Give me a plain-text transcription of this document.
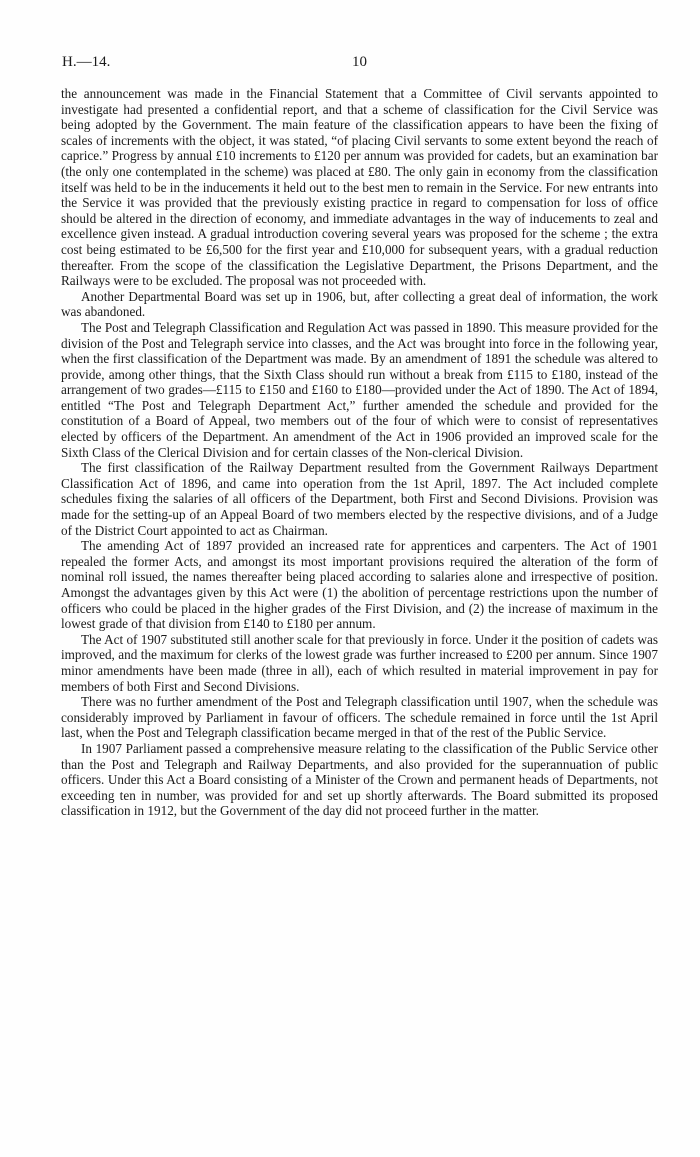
H.—14.	10

the announcement was made in the Financial Statement that a Committee of Civil servants appointed to investigate had presented a confidential report, and that a scheme of classification for the Civil Service was being adopted by the Government. The main feature of the classification appears to have been the fixing of scales of increments with the object, it was stated, “of placing Civil servants to some extent beyond the reach of caprice.” Progress by annual £10 increments to £120 per annum was provided for cadets, but an examination bar (the only one contemplated in the scheme) was placed at £80. The only gain in economy from the classification itself was held to be in the inducements it held out to the best men to remain in the Service. For new entrants into the Service it was provided that the previously existing practice in regard to compensation for loss of office should be altered in the direction of economy, and immediate advantages in the way of inducements to zeal and excellence given instead. A gradual introduction covering several years was proposed for the scheme ; the extra cost being estimated to be £6,500 for the first year and £10,000 for subsequent years, with a gradual reduction thereafter. From the scope of the classification the Legislative Department, the Prisons Department, and the Railways were to be excluded. The proposal was not proceeded with.

Another Departmental Board was set up in 1906, but, after collecting a great deal of information, the work was abandoned.

The Post and Telegraph Classification and Regulation Act was passed in 1890. This measure provided for the division of the Post and Telegraph service into classes, and the Act was brought into force in the following year, when the first classification of the Department was made. By an amendment of 1891 the schedule was altered to provide, among other things, that the Sixth Class should run without a break from £115 to £180, instead of the arrangement of two grades—£115 to £150 and £160 to £180—provided under the Act of 1890. The Act of 1894, entitled “The Post and Telegraph Department Act,” further amended the schedule and provided for the constitution of a Board of Appeal, two members out of the four of which were to consist of representatives elected by officers of the Department. An amendment of the Act in 1906 provided an improved scale for the Sixth Class of the Clerical Division and for certain classes of the Non-clerical Division.

The first classification of the Railway Department resulted from the Government Railways Department Classification Act of 1896, and came into operation from the 1st April, 1897. The Act included complete schedules fixing the salaries of all officers of the Department, both First and Second Divisions. Provision was made for the setting-up of an Appeal Board of two members elected by the respective divisions, and of a Judge of the District Court appointed to act as Chairman.

The amending Act of 1897 provided an increased rate for apprentices and carpenters. The Act of 1901 repealed the former Acts, and amongst its most important provisions required the alteration of the form of nominal roll issued, the names thereafter being placed according to salaries alone and irrespective of position. Amongst the advantages given by this Act were (1) the abolition of percentage restrictions upon the number of officers who could be placed in the higher grades of the First Division, and (2) the increase of maximum in the lowest grade of that division from £140 to £180 per annum.

The Act of 1907 substituted still another scale for that previously in force. Under it the position of cadets was improved, and the maximum for clerks of the lowest grade was further increased to £200 per annum. Since 1907 minor amendments have been made (three in all), each of which resulted in material improvement in pay for members of both First and Second Divisions.

There was no further amendment of the Post and Telegraph classification until 1907, when the schedule was considerably improved by Parliament in favour of officers. The schedule remained in force until the 1st April last, when the Post and Telegraph classification became merged in that of the rest of the Public Service.

In 1907 Parliament passed a comprehensive measure relating to the classification of the Public Service other than the Post and Telegraph and Railway Departments, and also provided for the superannuation of public officers. Under this Act a Board consisting of a Minister of the Crown and permanent heads of Departments, not exceeding ten in number, was provided for and set up shortly afterwards. The Board submitted its proposed classification in 1912, but the Government of the day did not proceed further in the matter.
